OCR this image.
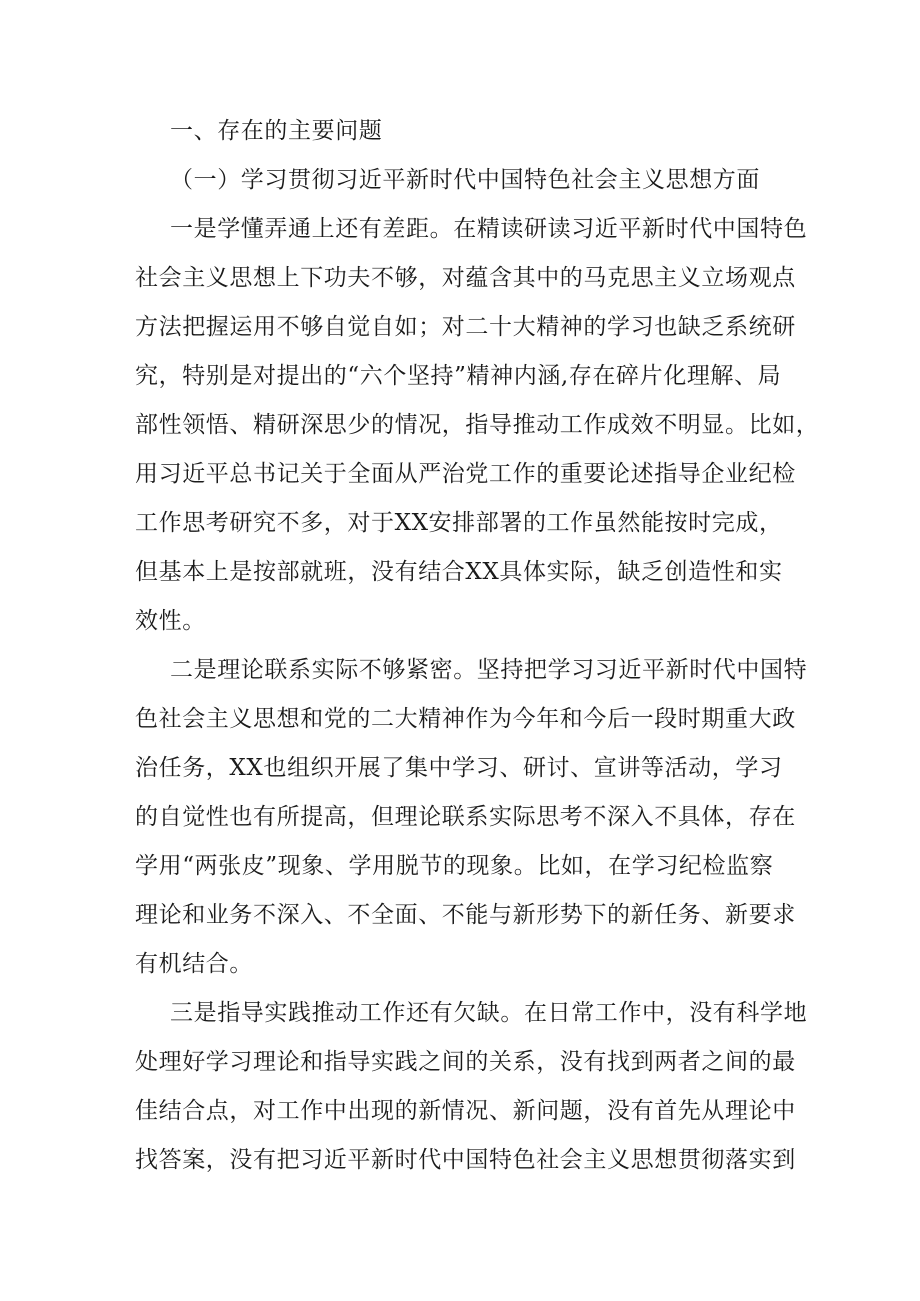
一、存在的主要问题

（一）学习贯彻习近平新时代中国特色社会主义思想方面

一是学懂弄通上还有差距。在精读研读习近平新时代中国特色

社会主义思想上下功夫不够，对蕴含其中的马克思主义立场观点

方法把握运用不够自觉自如；对二十大精神的学习也缺乏系统研

究，特别是对提出的“六个坚持”精神内涵,存在碎片化理解、局

部性领悟、精研深思少的情况，指导推动工作成效不明显。比如，

用习近平总书记关于全面从严治党工作的重要论述指导企业纪检

工作思考研究不多，对于XX安排部署的工作虽然能按时完成，

但基本上是按部就班，没有结合XX具体实际，缺乏创造性和实

效性。

二是理论联系实际不够紧密。坚持把学习习近平新时代中国特

色社会主义思想和党的二大精神作为今年和今后一段时期重大政

治任务，XX也组织开展了集中学习、研讨、宣讲等活动，学习

的自觉性也有所提高，但理论联系实际思考不深入不具体，存在

学用“两张皮”现象、学用脱节的现象。比如，在学习纪检监察

理论和业务不深入、不全面、不能与新形势下的新任务、新要求

有机结合。

三是指导实践推动工作还有欠缺。在日常工作中，没有科学地

处理好学习理论和指导实践之间的关系，没有找到两者之间的最

佳结合点，对工作中出现的新情况、新问题，没有首先从理论中

找答案，没有把习近平新时代中国特色社会主义思想贯彻落实到
